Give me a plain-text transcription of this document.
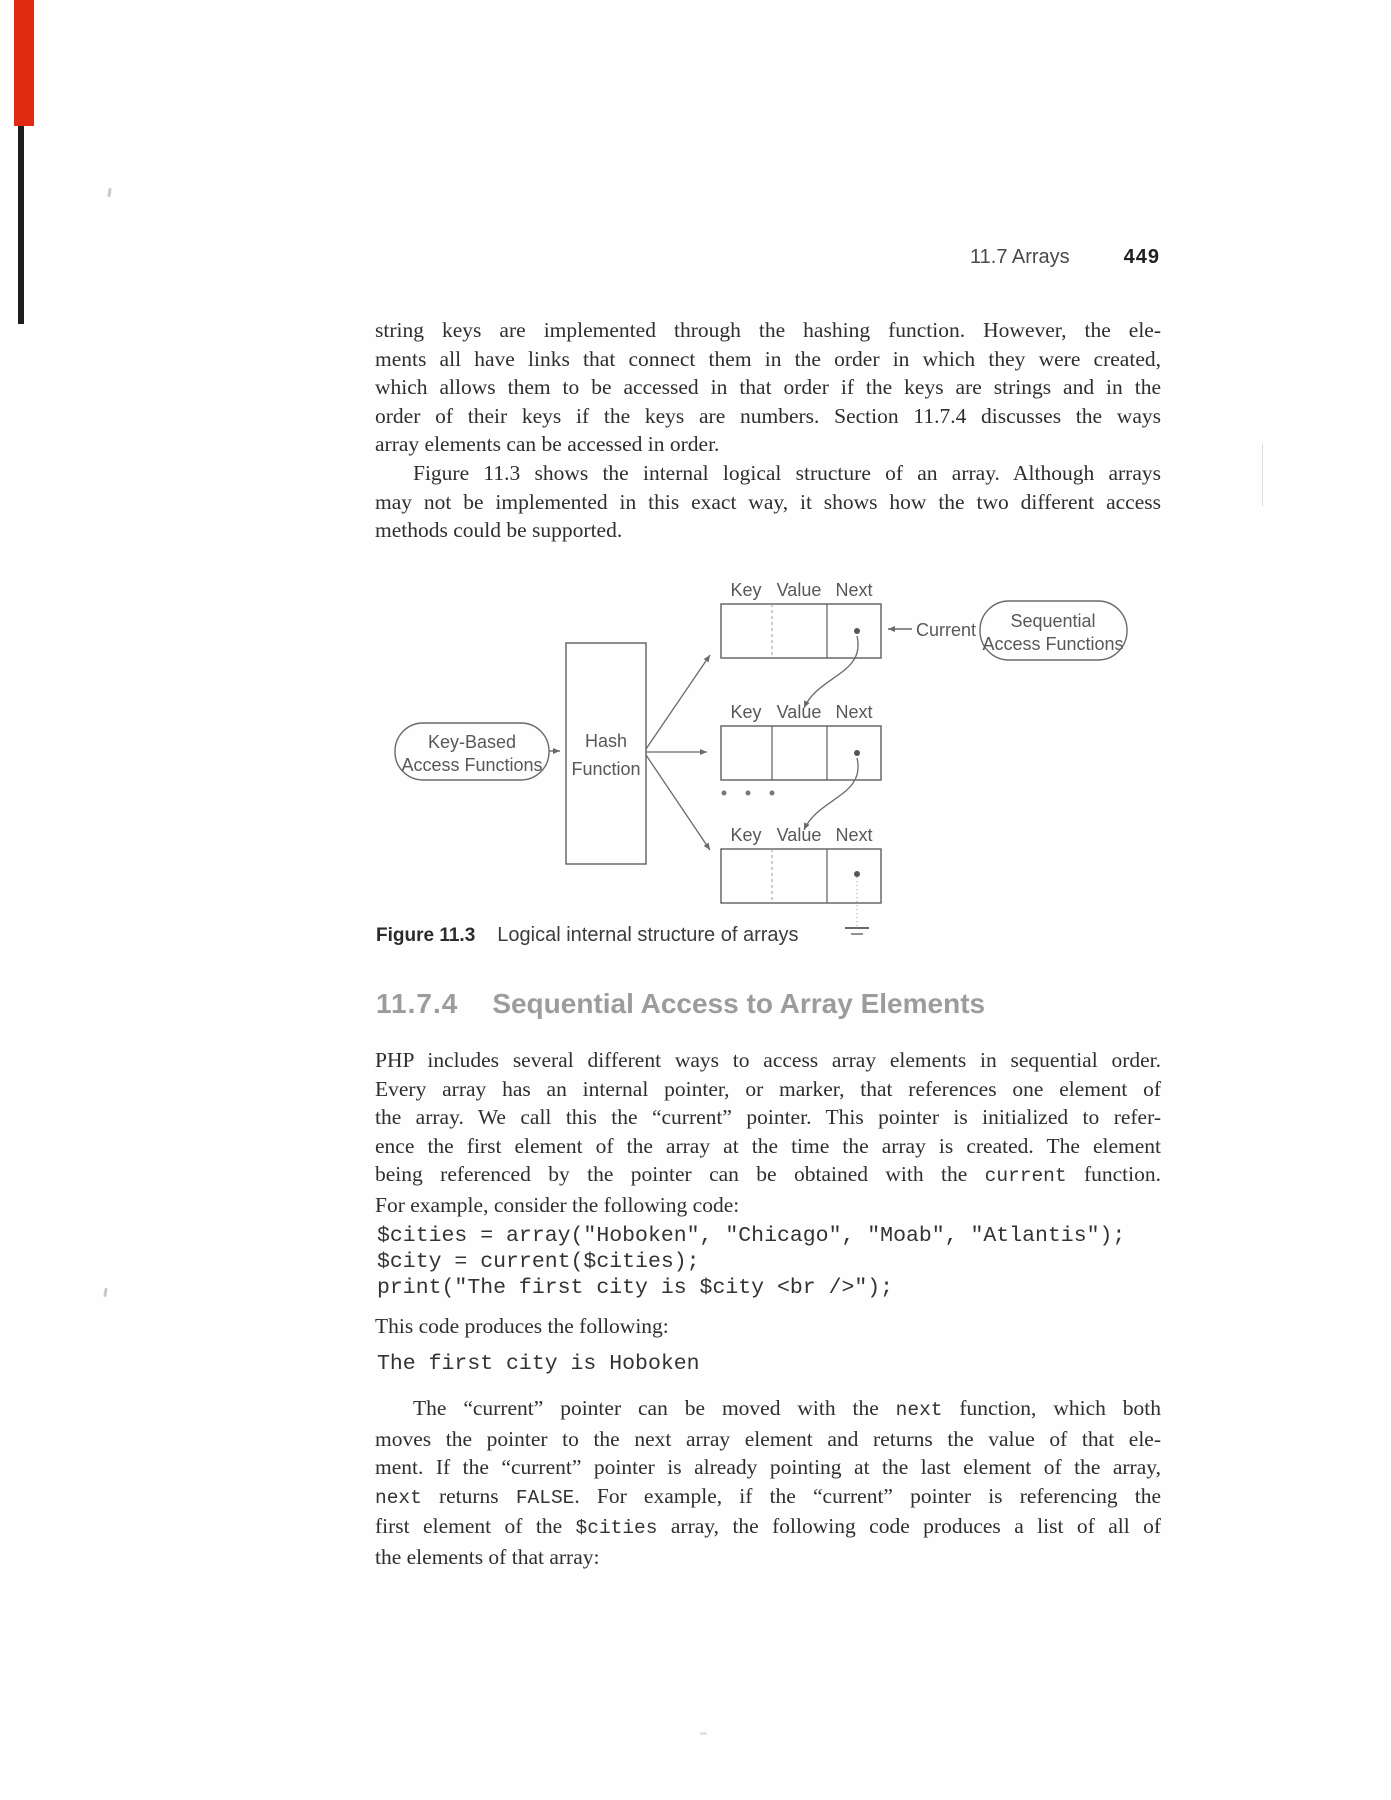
11.7 Arrays	449
string keys are implemented through the hashing function. However, the ele-
ments all have links that connect them in the order in which they were created,
which allows them to be accessed in that order if the keys are strings and in the
order of their keys if the keys are numbers. Section 11.7.4 discusses the ways
array elements can be accessed in order.
Figure 11.3 shows the internal logical structure of an array. Although arrays
may not be implemented in this exact way, it shows how the two different access
methods could be supported.
Key-Based
Access Functions
Hash
Function
Key Value Next
Current Sequential
Access Functions
Key Value Next
Key Value Next
Figure 11.3 Logical internal structure of arrays
11.7.4 Sequential Access to Array Elements
PHP includes several different ways to access array elements in sequential order.
Every array has an internal pointer, or marker, that references one element of
the array. We call this the “current” pointer. This pointer is initialized to refer-
ence the first element of the array at the time the array is created. The element
being referenced by the pointer can be obtained with the current function.
For example, consider the following code:
$cities = array("Hoboken", "Chicago", "Moab", "Atlantis");
$city = current($cities);
print("The first city is $city <br />");
This code produces the following:
The first city is Hoboken
The “current” pointer can be moved with the next function, which both
moves the pointer to the next array element and returns the value of that ele-
ment. If the “current” pointer is already pointing at the last element of the array,
next returns FALSE. For example, if the “current” pointer is referencing the
first element of the $cities array, the following code produces a list of all of
the elements of that array:
